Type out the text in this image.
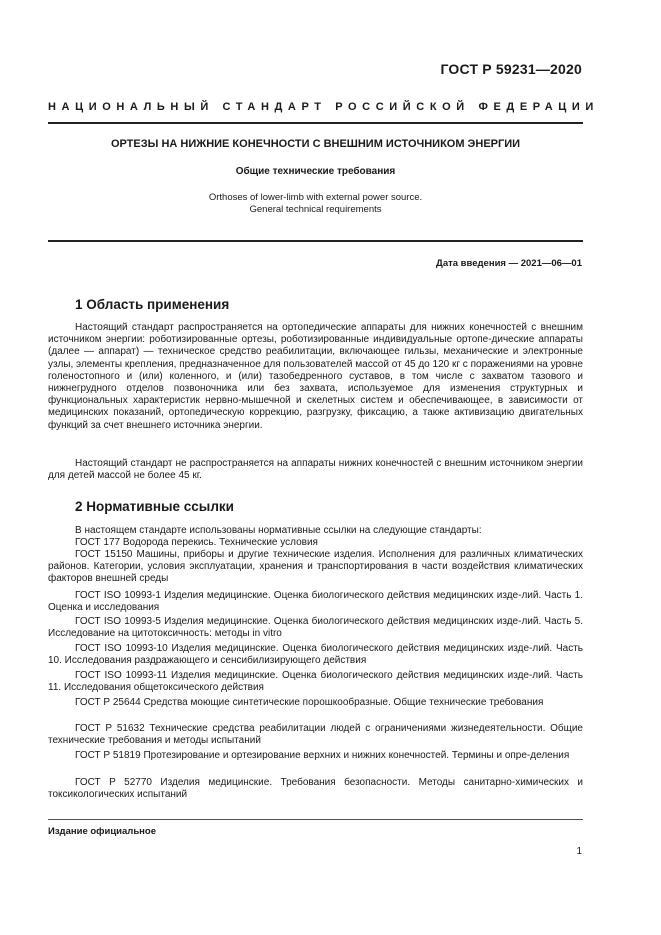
ГОСТ Р 59231—2020
НАЦИОНАЛЬНЫЙ СТАНДАРТ РОССИЙСКОЙ ФЕДЕРАЦИИ
ОРТЕЗЫ НА НИЖНИЕ КОНЕЧНОСТИ С ВНЕШНИМ ИСТОЧНИКОМ ЭНЕРГИИ
Общие технические требования
Orthoses of lower-limb with external power source.
General technical requirements
Дата введения — 2021—06—01
1 Область применения
Настоящий стандарт распространяется на ортопедические аппараты для нижних конечностей с внешним источником энергии: роботизированные ортезы, роботизированные индивидуальные ортопе-дические аппараты (далее — аппарат) — техническое средство реабилитации, включающее гильзы, механические и электронные узлы, элементы крепления, предназначенное для пользователей массой от 45 до 120 кг с поражениями на уровне голеностопного и (или) коленного, и (или) тазобедренного суставов, в том числе с захватом тазового и нижнегрудного отделов позвоночника или без захвата, используемое для изменения структурных и функциональных характеристик нервно-мышечной и скелетных систем и обеспечивающее, в зависимости от медицинских показаний, ортопедическую коррекцию, разгрузку, фиксацию, а также активизацию двигательных функций за счет внешнего источника энергии.
Настоящий стандарт не распространяется на аппараты нижних конечностей с внешним источником энергии для детей массой не более 45 кг.
2 Нормативные ссылки
В настоящем стандарте использованы нормативные ссылки на следующие стандарты:
ГОСТ 177 Водорода перекись. Технические условия
ГОСТ 15150 Машины, приборы и другие технические изделия. Исполнения для различных климатических районов. Категории, условия эксплуатации, хранения и транспортирования в части воздействия климатических факторов внешней среды
ГОСТ ISO 10993-1 Изделия медицинские. Оценка биологического действия медицинских изде-лий. Часть 1. Оценка и исследования
ГОСТ ISO 10993-5 Изделия медицинские. Оценка биологического действия медицинских изде-лий. Часть 5. Исследование на цитотоксичность: методы in vitro
ГОСТ ISO 10993-10 Изделия медицинские. Оценка биологического действия медицинских изде-лий. Часть 10. Исследования раздражающего и сенсибилизирующего действия
ГОСТ ISO 10993-11 Изделия медицинские. Оценка биологического действия медицинских изде-лий. Часть 11. Исследования общетоксического действия
ГОСТ Р 25644 Средства моющие синтетические порошкообразные. Общие технические требования
ГОСТ Р 51632 Технические средства реабилитации людей с ограничениями жизнедеятельности. Общие технические требования и методы испытаний
ГОСТ Р 51819 Протезирование и ортезирование верхних и нижних конечностей. Термины и опре-деления
ГОСТ Р 52770 Изделия медицинские. Требования безопасности. Методы санитарно-химических и токсикологических испытаний
Издание официальное
1
